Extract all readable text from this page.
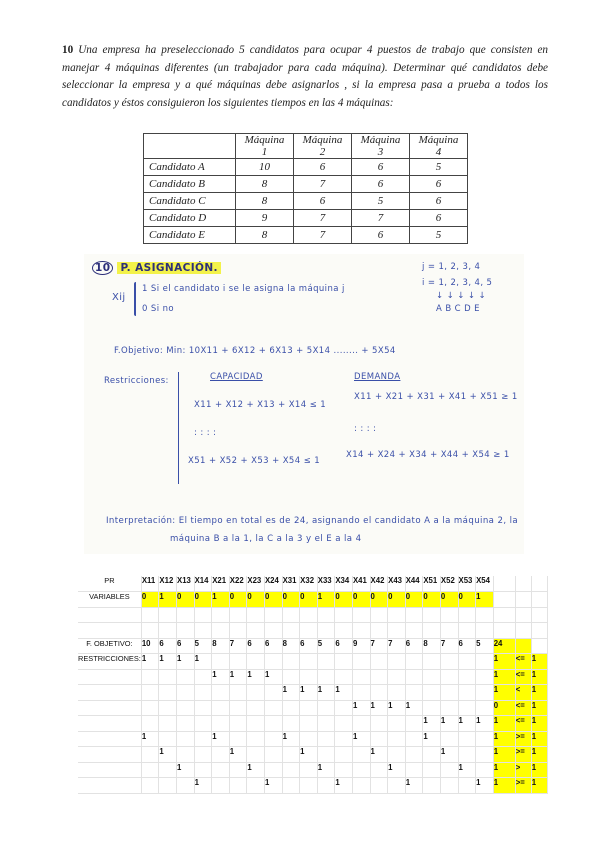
10 Una empresa ha preseleccionado 5 candidatos para ocupar 4 puestos de trabajo que consisten en manejar 4 máquinas diferentes (un trabajador para cada máquina). Determinar qué candidatos debe seleccionar la empresa y a qué máquinas debe asignarlos , si la empresa pasa a prueba a todos los candidatos y éstos consiguieron los siguientes tiempos en las 4 máquinas:
	Máquina 1	Máquina 2	Máquina 3	Máquina 4
Candidato A	10	6	6	5
Candidato B	8	7	6	6
Candidato C	8	6	5	6
Candidato D	9	7	7	6
Candidato E	8	7	6	5
10 P. ASIGNACIÓN.	j = 1, 2, 3, 4
i = 1, 2, 3, 4, 5
↓ ↓ ↓ ↓ ↓
A B C D E
Xij
1 Si el candidato i se le asigna la máquina j
0 Si no
F.Objetivo: Min: 10X11 + 6X12 + 6X13 + 5X14 ........ + 5X54
Restricciones:	CAPACIDAD	DEMANDA
X11 + X12 + X13 + X14 ≤ 1
: : : :
X51 + X52 + X53 + X54 ≤ 1
X11 + X21 + X31 + X41 + X51 ≥ 1
: : : :
X14 + X24 + X34 + X44 + X54 ≥ 1
Interpretación: El tiempo en total es de 24, asignando el candidato A a la máquina 2, la
máquina B a la 1, la C a la 3 y el E a la 4
PR	X11	X12	X13	X14	X21	X22	X23	X24	X31	X32	X33	X34	X41	X42	X43	X44	X51	X52	X53	X54			
VARIABLES	0	1	0	0	1	0	0	0	0	0	1	0	0	0	0	0	0	0	0	1			

F. OBJETIVO:	10	6	6	5	8	7	6	6	8	6	5	6	9	7	7	6	8	7	6	5	24		
RESTRICCIONES:	1	1	1	1																	1	<=	1
					1	1	1	1													1	<=	1
									1	1	1	1									1	<	1
													1	1	1	1					0	<=	1
																	1	1	1	1	1	<=	1
	1				1				1				1				1				1	>=	1
		1				1				1				1				1			1	>=	1
			1				1				1				1				1		1	>	1
				1				1				1				1				1	1	>=	1
